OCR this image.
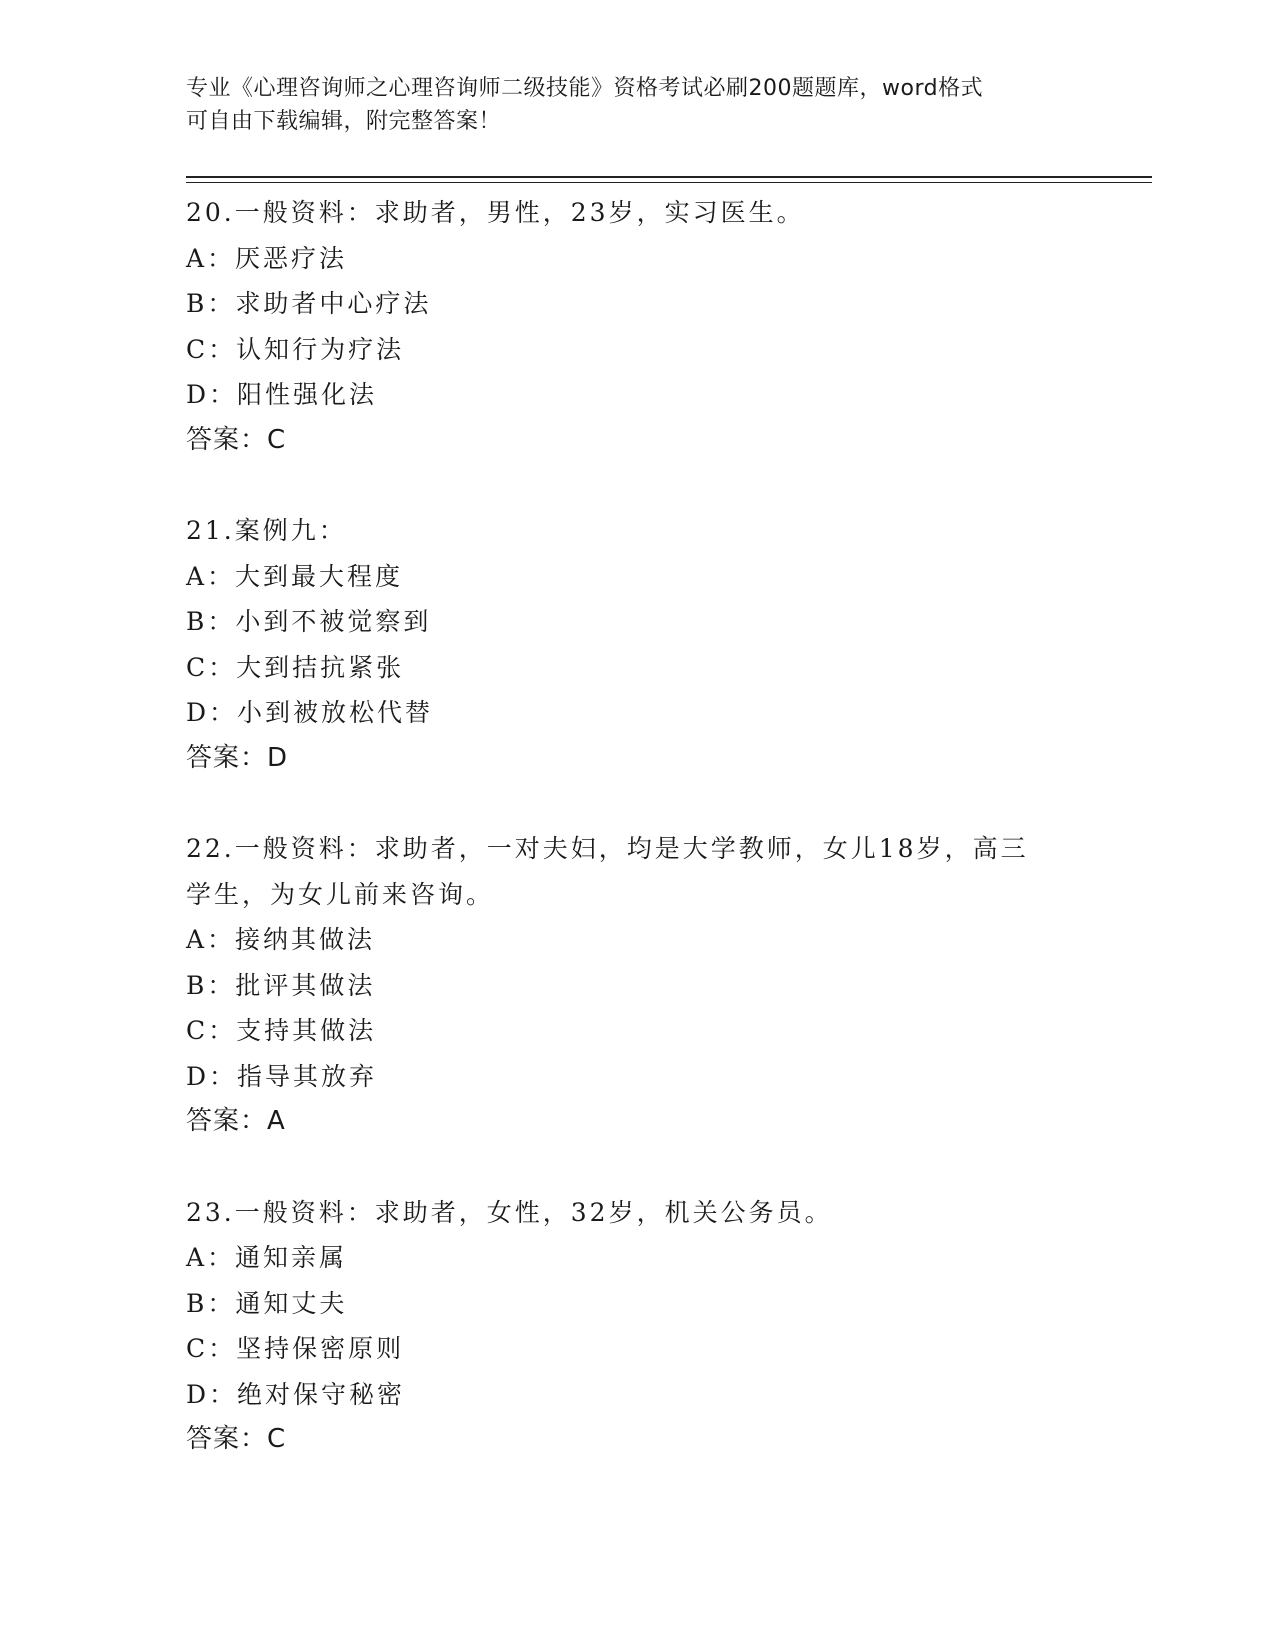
专业《心理咨询师之心理咨询师二级技能》资格考试必刷200题题库，word格式
可自由下载编辑，附完整答案！
20.一般资料：求助者，男性，23岁，实习医生。
A：厌恶疗法
B：求助者中心疗法
C：认知行为疗法
D：阳性强化法
答案：C
21.案例九：
A：大到最大程度
B：小到不被觉察到
C：大到拮抗紧张
D：小到被放松代替
答案：D
22.一般资料：求助者，一对夫妇，均是大学教师，女儿18岁，高三
学生，为女儿前来咨询。
A：接纳其做法
B：批评其做法
C：支持其做法
D：指导其放弃
答案：A
23.一般资料：求助者，女性，32岁，机关公务员。
A：通知亲属
B：通知丈夫
C：坚持保密原则
D：绝对保守秘密
答案：C
